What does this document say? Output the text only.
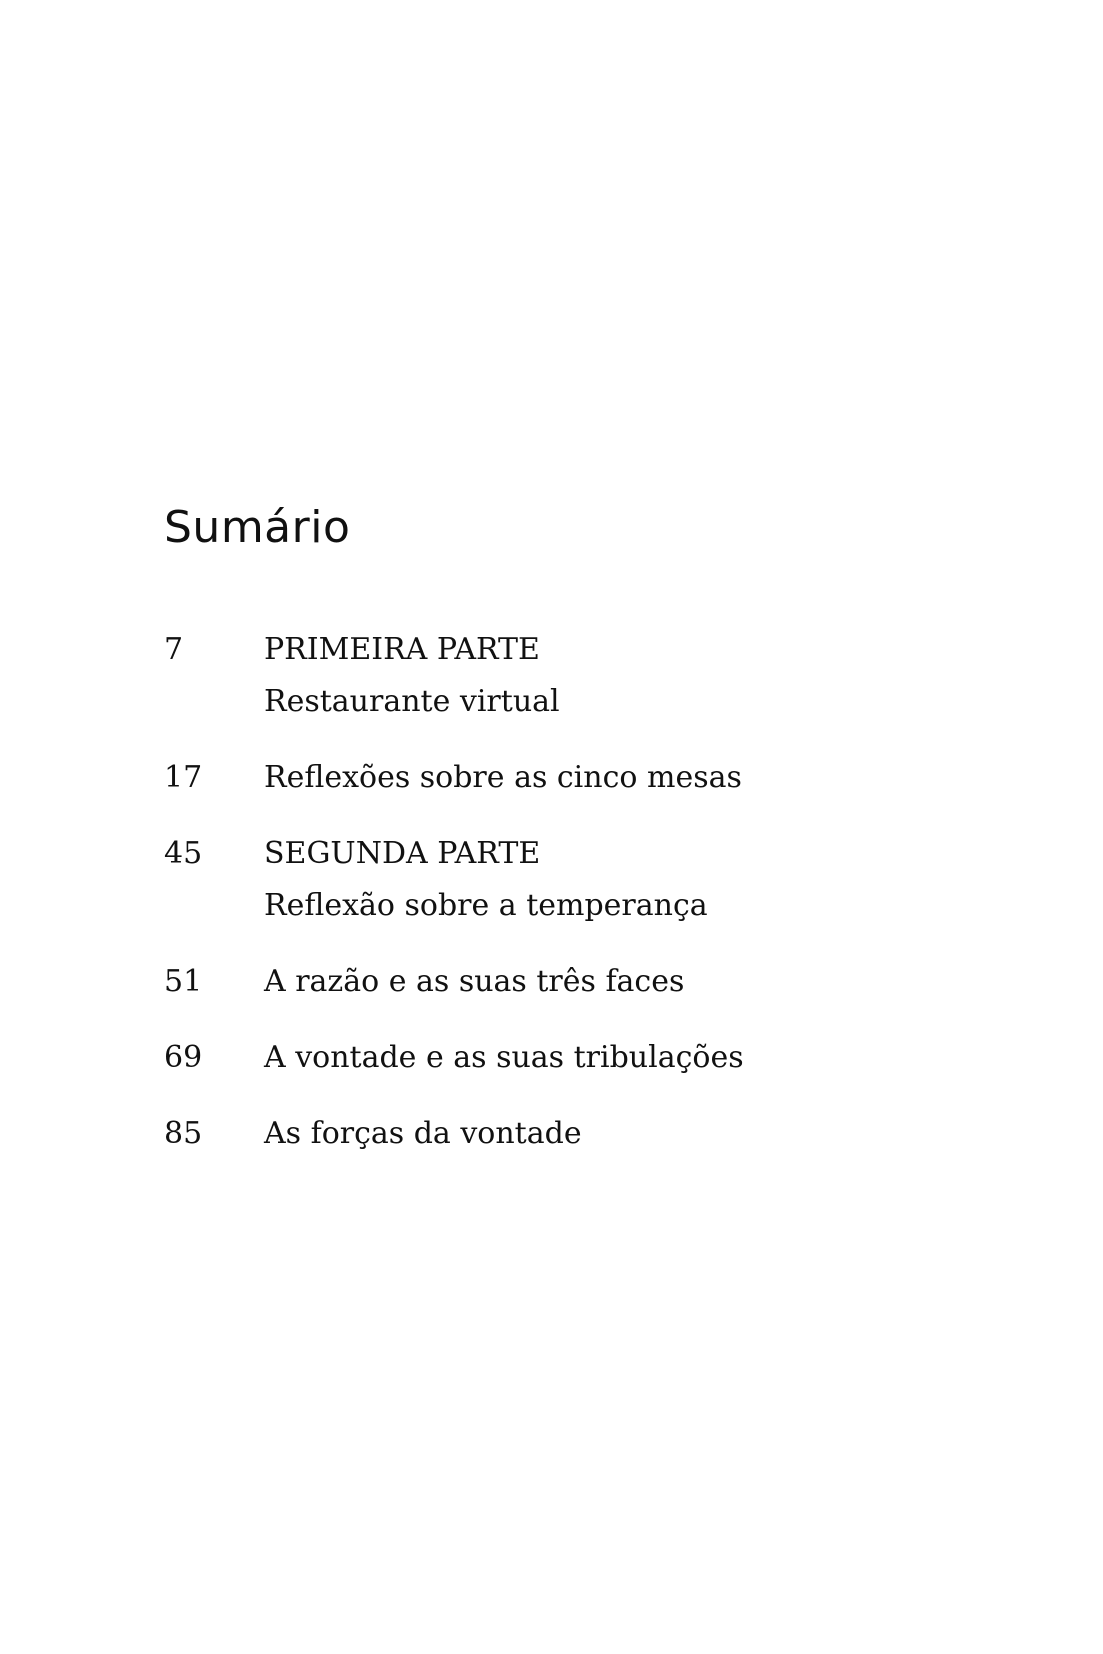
Sumário
7	PRIMEIRA PARTE
Restaurante virtual
17	Reflexões sobre as cinco mesas
45	SEGUNDA PARTE
Reflexão sobre a temperança
51	A razão e as suas três faces
69	A vontade e as suas tribulações
85	As forças da vontade
